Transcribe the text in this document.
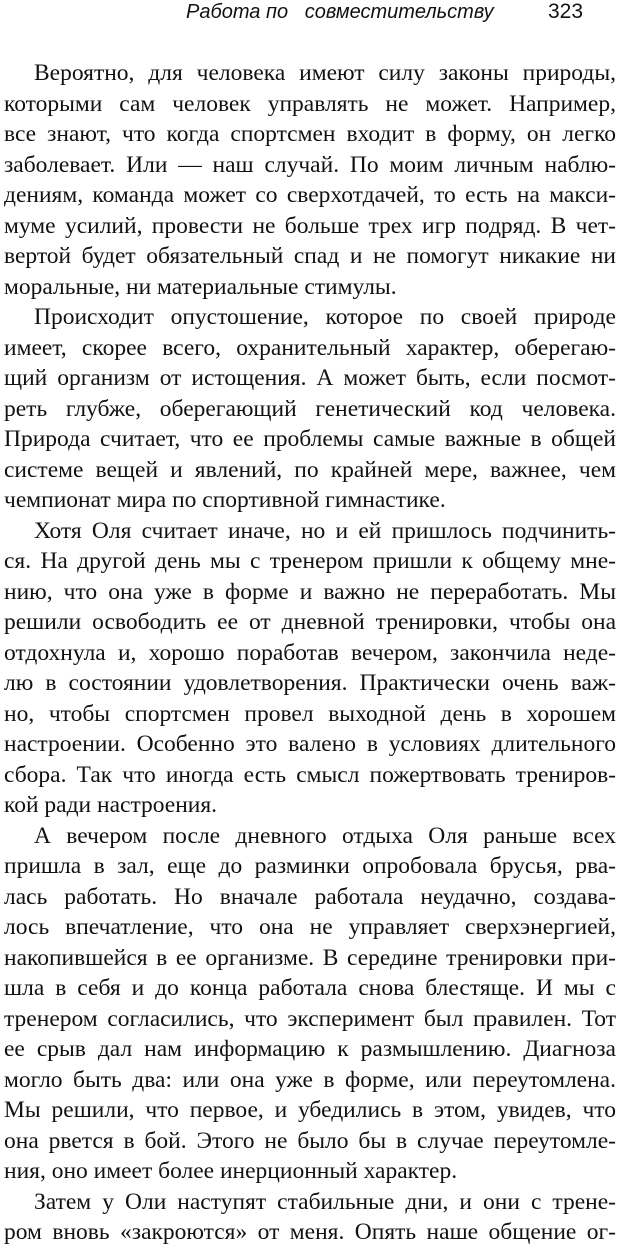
Работа по   совместительству	323
Вероятно, для человека имеют силу законы природы,
которыми сам человек управлять не может. Например,
все знают, что когда спортсмен входит в форму, он легко
заболевает. Или — наш случай. По моим личным наблю-
дениям, команда может со сверхотдачей, то есть на макси-
муме усилий, провести не больше трех игр подряд. В чет-
вертой будет обязательный спад и не помогут никакие ни
моральные, ни материальные стимулы.
Происходит опустошение, которое по своей природе
имеет, скорее всего, охранительный характер, оберегаю-
щий организм от истощения. А может быть, если посмот-
реть глубже, оберегающий генетический код человека.
Природа считает, что ее проблемы самые важные в общей
системе вещей и явлений, по крайней мере, важнее, чем
чемпионат мира по спортивной гимнастике.
Хотя Оля считает иначе, но и ей пришлось подчинить-
ся. На другой день мы с тренером пришли к общему мне-
нию, что она уже в форме и важно не переработать. Мы
решили освободить ее от дневной тренировки, чтобы она
отдохнула и, хорошо поработав вечером, закончила неде-
лю в состоянии удовлетворения. Практически очень важ-
но, чтобы спортсмен провел выходной день в хорошем
настроении. Особенно это валено в условиях длительного
сбора. Так что иногда есть смысл пожертвовать трениров-
кой ради настроения.
А вечером после дневного отдыха Оля раньше всех
пришла в зал, еще до разминки опробовала брусья, рва-
лась работать. Но вначале работала неудачно, создава-
лось впечатление, что она не управляет сверхэнергией,
накопившейся в ее организме. В середине тренировки при-
шла в себя и до конца работала снова блестяще. И мы с
тренером согласились, что эксперимент был правилен. Тот
ее срыв дал нам информацию к размышлению. Диагноза
могло быть два: или она уже в форме, или переутомлена.
Мы решили, что первое, и убедились в этом, увидев, что
она рвется в бой. Этого не было бы в случае переутомле-
ния, оно имеет более инерционный характер.
Затем у Оли наступят стабильные дни, и они с трене-
ром вновь «закроются» от меня. Опять наше общение ог-
